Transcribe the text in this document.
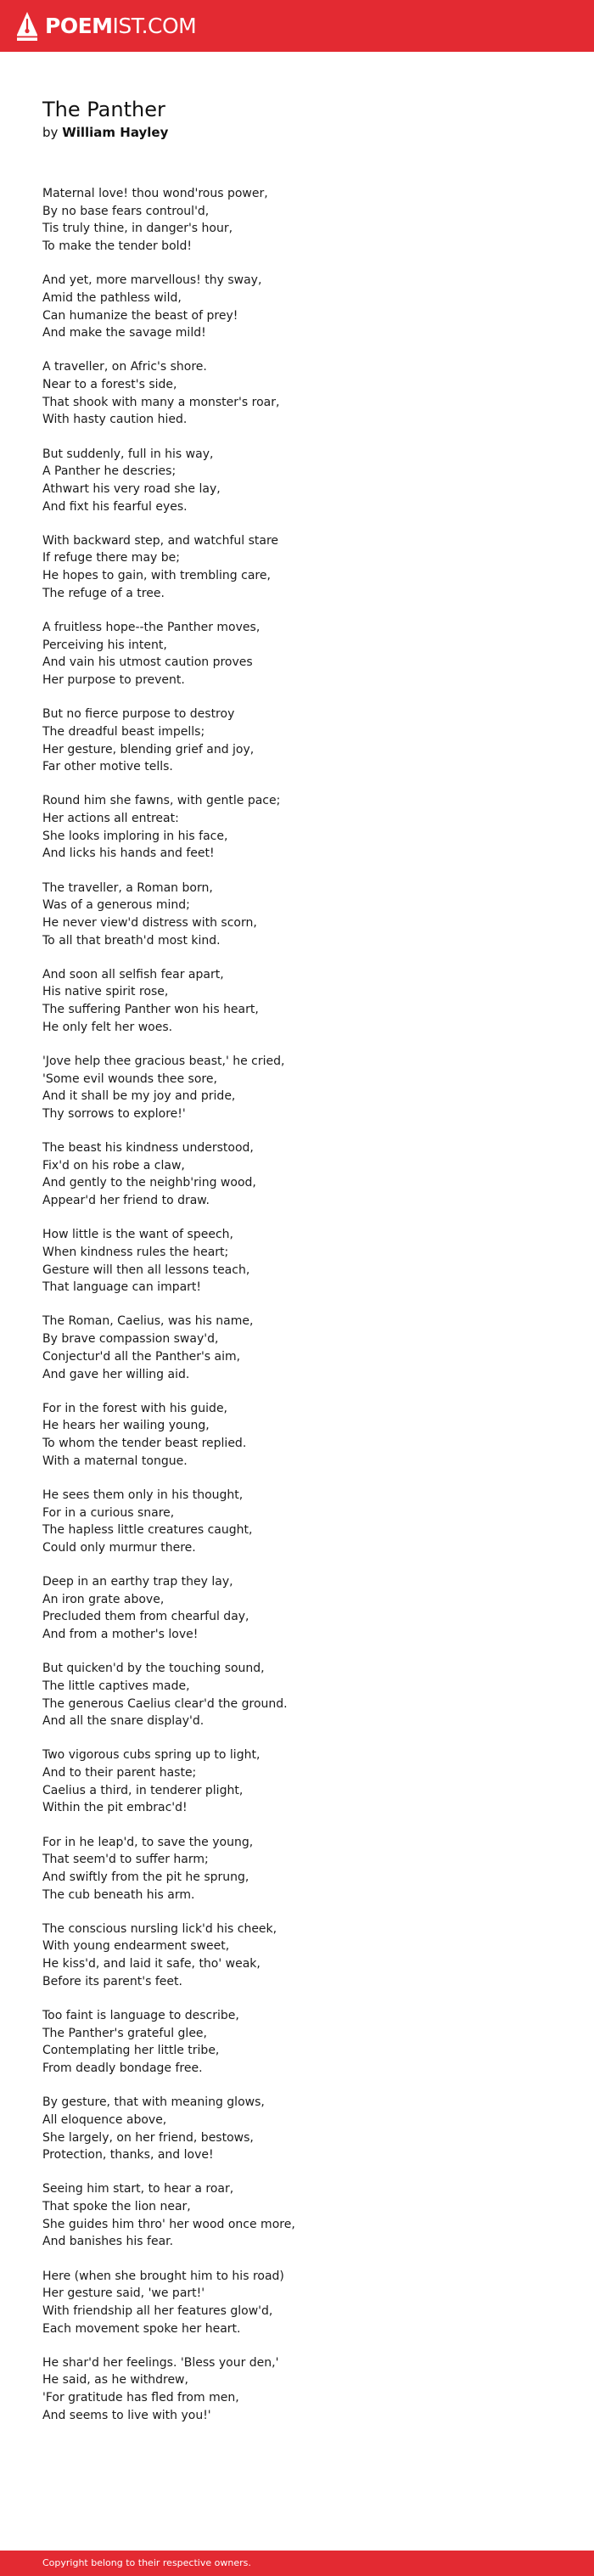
POEMIST.COM
The Panther
by William Hayley
Maternal love! thou wond'rous power,
By no base fears controul'd,
Tis truly thine, in danger's hour,
To make the tender bold!
And yet, more marvellous! thy sway,
Amid the pathless wild,
Can humanize the beast of prey!
And make the savage mild!
A traveller, on Afric's shore.
Near to a forest's side,
That shook with many a monster's roar,
With hasty caution hied.
But suddenly, full in his way,
A Panther he descries;
Athwart his very road she lay,
And fixt his fearful eyes.
With backward step, and watchful stare
If refuge there may be;
He hopes to gain, with trembling care,
The refuge of a tree.
A fruitless hope--the Panther moves,
Perceiving his intent,
And vain his utmost caution proves
Her purpose to prevent.
But no fierce purpose to destroy
The dreadful beast impells;
Her gesture, blending grief and joy,
Far other motive tells.
Round him she fawns, with gentle pace;
Her actions all entreat:
She looks imploring in his face,
And licks his hands and feet!
The traveller, a Roman born,
Was of a generous mind;
He never view'd distress with scorn,
To all that breath'd most kind.
And soon all selfish fear apart,
His native spirit rose,
The suffering Panther won his heart,
He only felt her woes.
'Jove help thee gracious beast,' he cried,
'Some evil wounds thee sore,
And it shall be my joy and pride,
Thy sorrows to explore!'
The beast his kindness understood,
Fix'd on his robe a claw,
And gently to the neighb'ring wood,
Appear'd her friend to draw.
How little is the want of speech,
When kindness rules the heart;
Gesture will then all lessons teach,
That language can impart!
The Roman, Caelius, was his name,
By brave compassion sway'd,
Conjectur'd all the Panther's aim,
And gave her willing aid.
For in the forest with his guide,
He hears her wailing young,
To whom the tender beast replied.
With a maternal tongue.
He sees them only in his thought,
For in a curious snare,
The hapless little creatures caught,
Could only murmur there.
Deep in an earthy trap they lay,
An iron grate above,
Precluded them from chearful day,
And from a mother's love!
But quicken'd by the touching sound,
The little captives made,
The generous Caelius clear'd the ground.
And all the snare display'd.
Two vigorous cubs spring up to light,
And to their parent haste;
Caelius a third, in tenderer plight,
Within the pit embrac'd!
For in he leap'd, to save the young,
That seem'd to suffer harm;
And swiftly from the pit he sprung,
The cub beneath his arm.
The conscious nursling lick'd his cheek,
With young endearment sweet,
He kiss'd, and laid it safe, tho' weak,
Before its parent's feet.
Too faint is language to describe,
The Panther's grateful glee,
Contemplating her little tribe,
From deadly bondage free.
By gesture, that with meaning glows,
All eloquence above,
She largely, on her friend, bestows,
Protection, thanks, and love!
Seeing him start, to hear a roar,
That spoke the lion near,
She guides him thro' her wood once more,
And banishes his fear.
Here (when she brought him to his road)
Her gesture said, 'we part!'
With friendship all her features glow'd,
Each movement spoke her heart.
He shar'd her feelings. 'Bless your den,'
He said, as he withdrew,
'For gratitude has fled from men,
And seems to live with you!'
Copyright belong to their respective owners.
